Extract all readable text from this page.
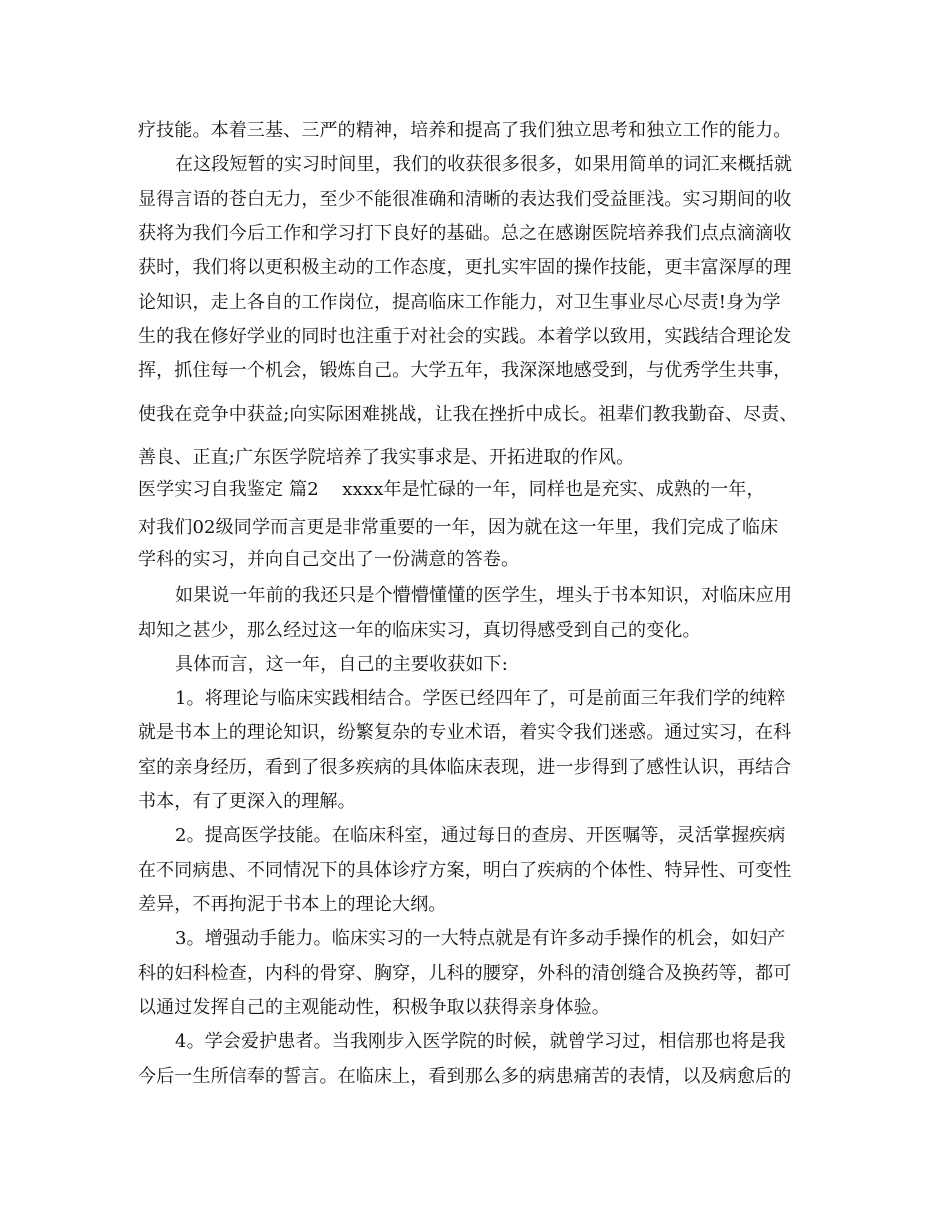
疗技能。本着三基、三严的精神，培养和提高了我们独立思考和独立工作的能力。
在这段短暂的实习时间里，我们的收获很多很多，如果用简单的词汇来概括就
显得言语的苍白无力，至少不能很准确和清晰的表达我们受益匪浅。实习期间的收
获将为我们今后工作和学习打下良好的基础。总之在感谢医院培养我们点点滴滴收
获时，我们将以更积极主动的工作态度，更扎实牢固的操作技能，更丰富深厚的理
论知识，走上各自的工作岗位，提高临床工作能力，对卫生事业尽心尽责!身为学
生的我在修好学业的同时也注重于对社会的实践。本着学以致用，实践结合理论发
挥，抓住每一个机会，锻炼自己。大学五年，我深深地感受到，与优秀学生共事，
使我在竞争中获益;向实际困难挑战，让我在挫折中成长。祖辈们教我勤奋、尽责、
善良、正直;广东医学院培养了我实事求是、开拓进取的作风。
医学实习自我鉴定 篇2    xxxx年是忙碌的一年，同样也是充实、成熟的一年，
对我们02级同学而言更是非常重要的一年，因为就在这一年里，我们完成了临床
学科的实习，并向自己交出了一份满意的答卷。
如果说一年前的我还只是个懵懵懂懂的医学生，埋头于书本知识，对临床应用
却知之甚少，那么经过这一年的临床实习，真切得感受到自己的变化。
具体而言，这一年，自己的主要收获如下:
1。将理论与临床实践相结合。学医已经四年了，可是前面三年我们学的纯粹
就是书本上的理论知识，纷繁复杂的专业术语，着实令我们迷惑。通过实习，在科
室的亲身经历，看到了很多疾病的具体临床表现，进一步得到了感性认识，再结合
书本，有了更深入的理解。
2。提高医学技能。在临床科室，通过每日的查房、开医嘱等，灵活掌握疾病
在不同病患、不同情况下的具体诊疗方案，明白了疾病的个体性、特异性、可变性
差异，不再拘泥于书本上的理论大纲。
3。增强动手能力。临床实习的一大特点就是有许多动手操作的机会，如妇产
科的妇科检查，内科的骨穿、胸穿，儿科的腰穿，外科的清创缝合及换药等，都可
以通过发挥自己的主观能动性，积极争取以获得亲身体验。
4。学会爱护患者。当我刚步入医学院的时候，就曾学习过，相信那也将是我
今后一生所信奉的誓言。在临床上，看到那么多的病患痛苦的表情，以及病愈后的
